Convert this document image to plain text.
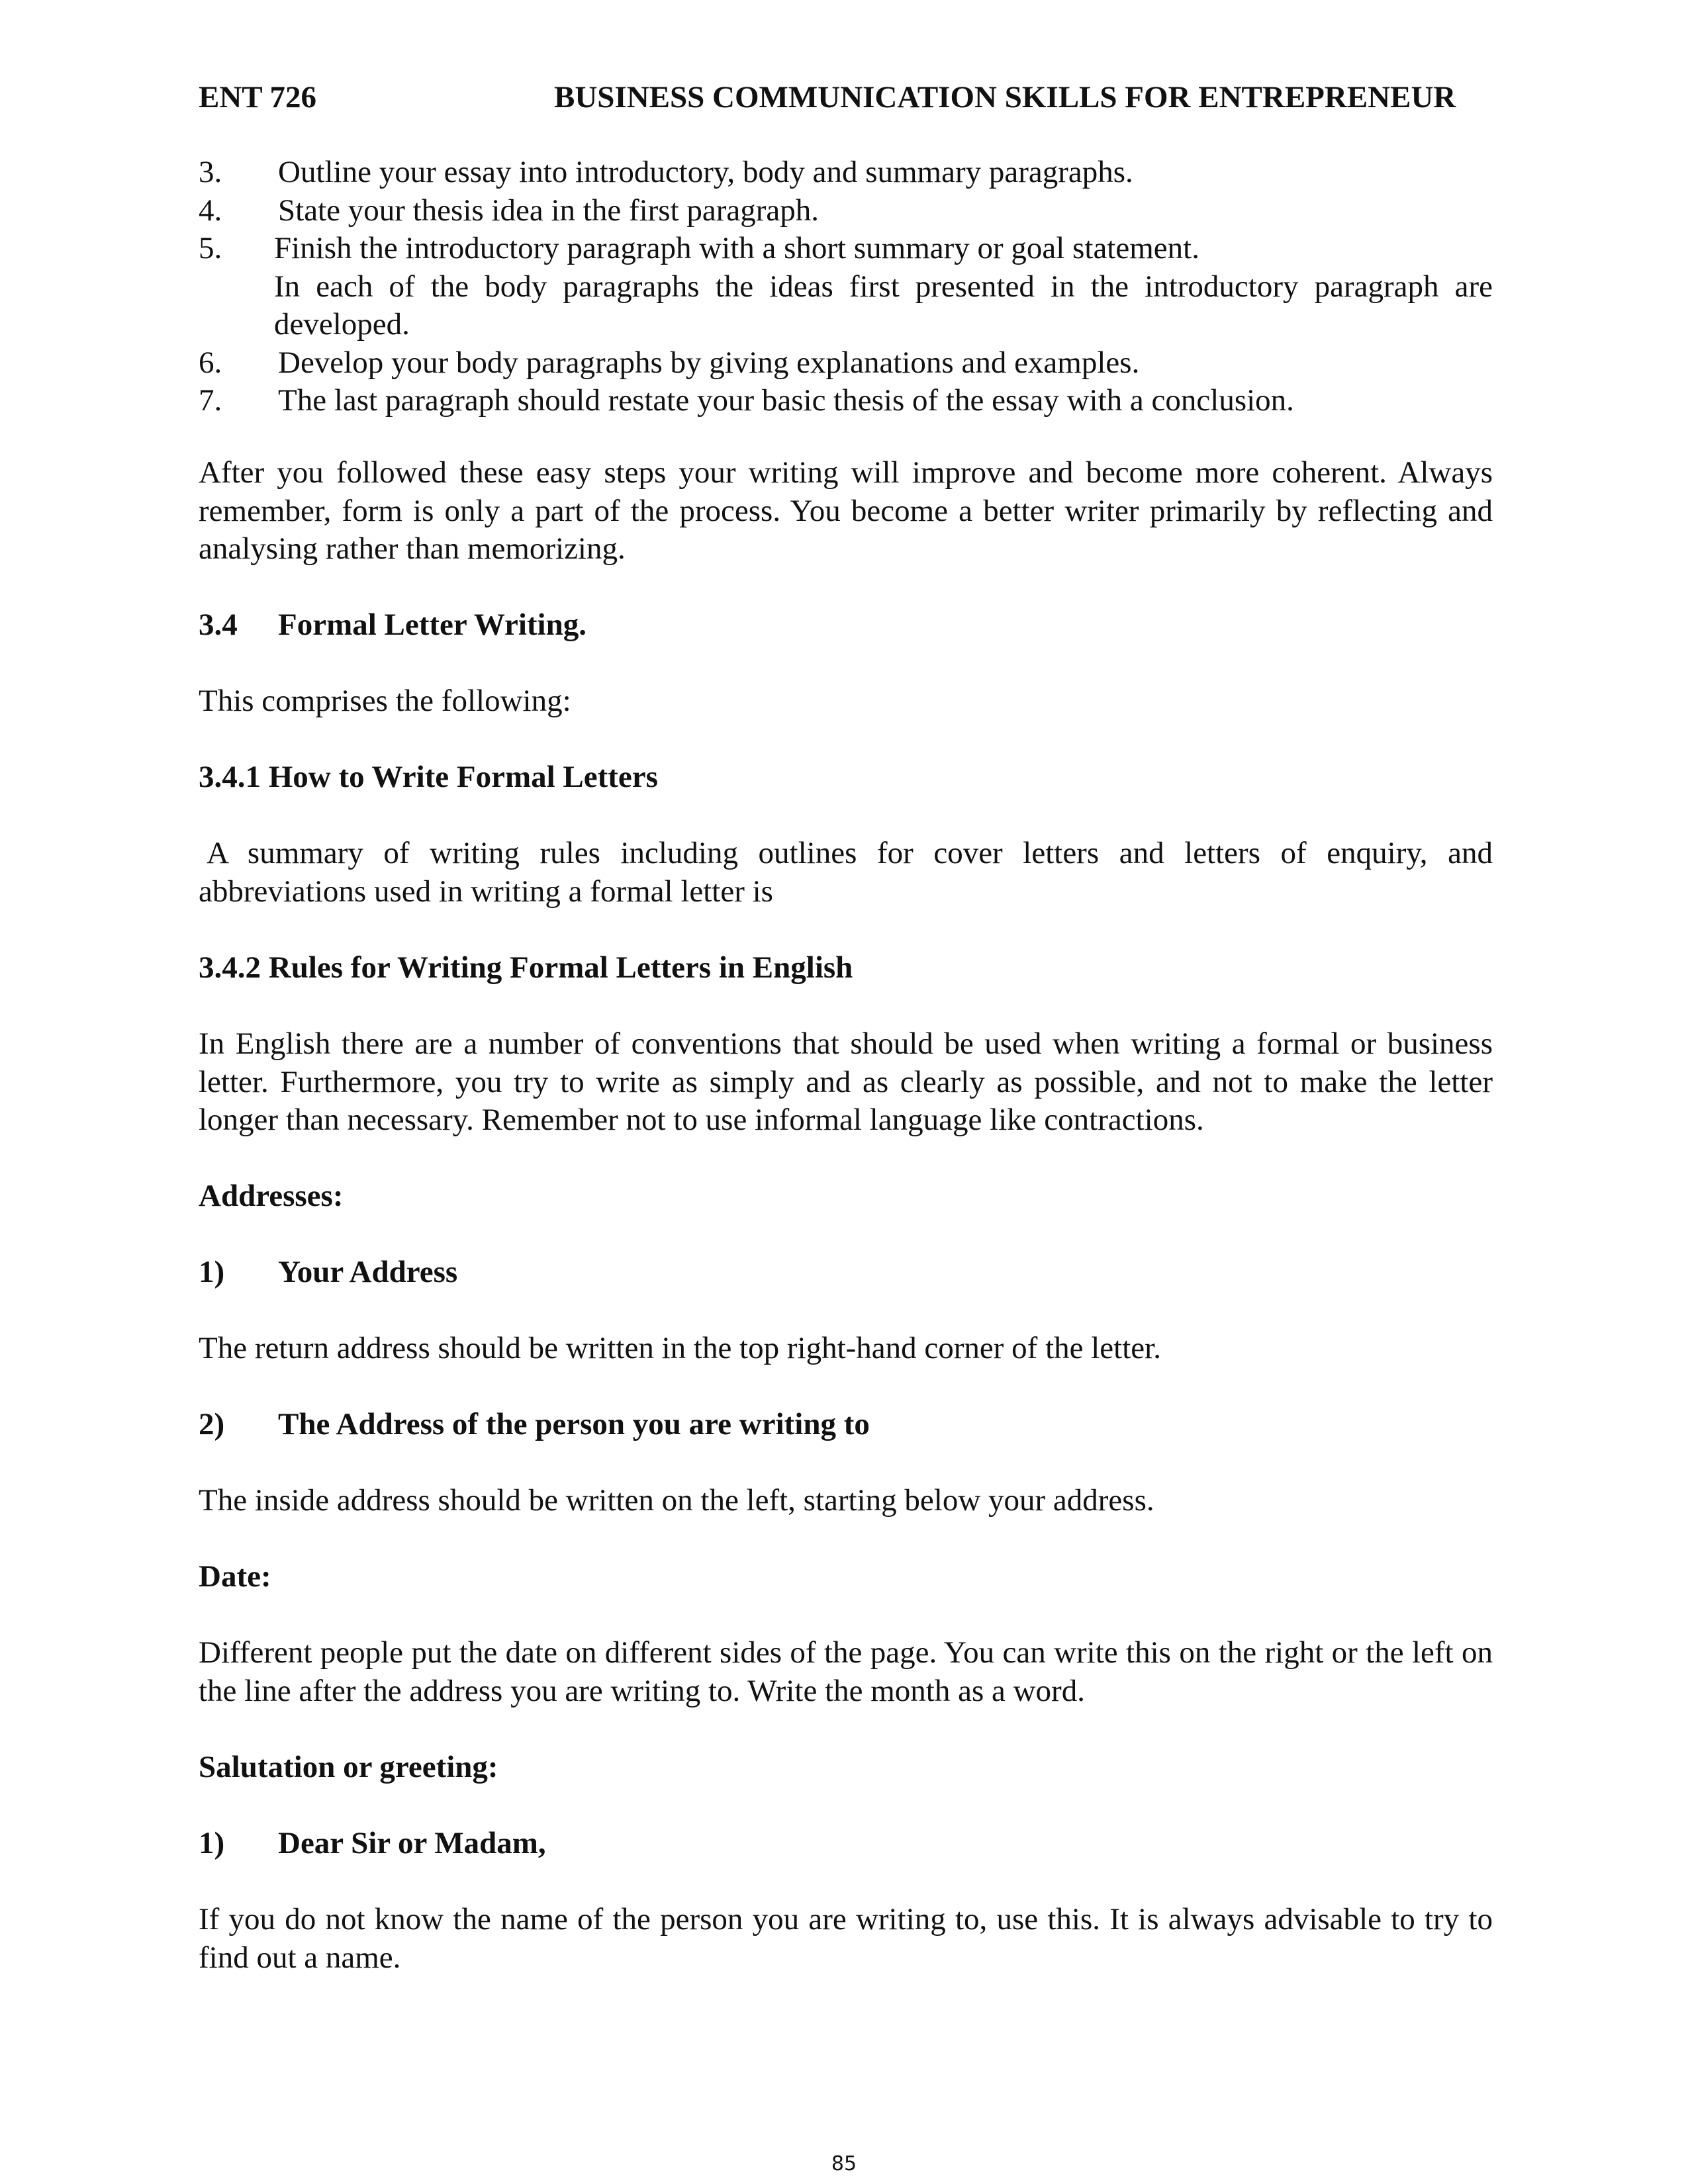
ENT 726	BUSINESS COMMUNICATION SKILLS FOR ENTREPRENEUR
3. Outline your essay into introductory, body and summary paragraphs.
4. State your thesis idea in the first paragraph.
5. Finish the introductory paragraph with a short summary or goal statement.
In each of the body paragraphs the ideas first presented in the introductory paragraph are developed.
6. Develop your body paragraphs by giving explanations and examples.
7. The last paragraph should restate your basic thesis of the essay with a conclusion.
After you followed these easy steps your writing will improve and become more coherent. Always remember, form is only a part of the process. You become a better writer primarily by reflecting and analysing rather than memorizing.
3.4 Formal Letter Writing.
This comprises the following:
3.4.1 How to Write Formal Letters
A summary of writing rules including outlines for cover letters and letters of enquiry, and abbreviations used in writing a formal letter is
3.4.2 Rules for Writing Formal Letters in English
In English there are a number of conventions that should be used when writing a formal or business letter. Furthermore, you try to write as simply and as clearly as possible, and not to make the letter longer than necessary. Remember not to use informal language like contractions.
Addresses:
1) Your Address
The return address should be written in the top right-hand corner of the letter.
2) The Address of the person you are writing to
The inside address should be written on the left, starting below your address.
Date:
Different people put the date on different sides of the page. You can write this on the right or the left on the line after the address you are writing to. Write the month as a word.
Salutation or greeting:
1) Dear Sir or Madam,
If you do not know the name of the person you are writing to, use this. It is always advisable to try to find out a name.
85
